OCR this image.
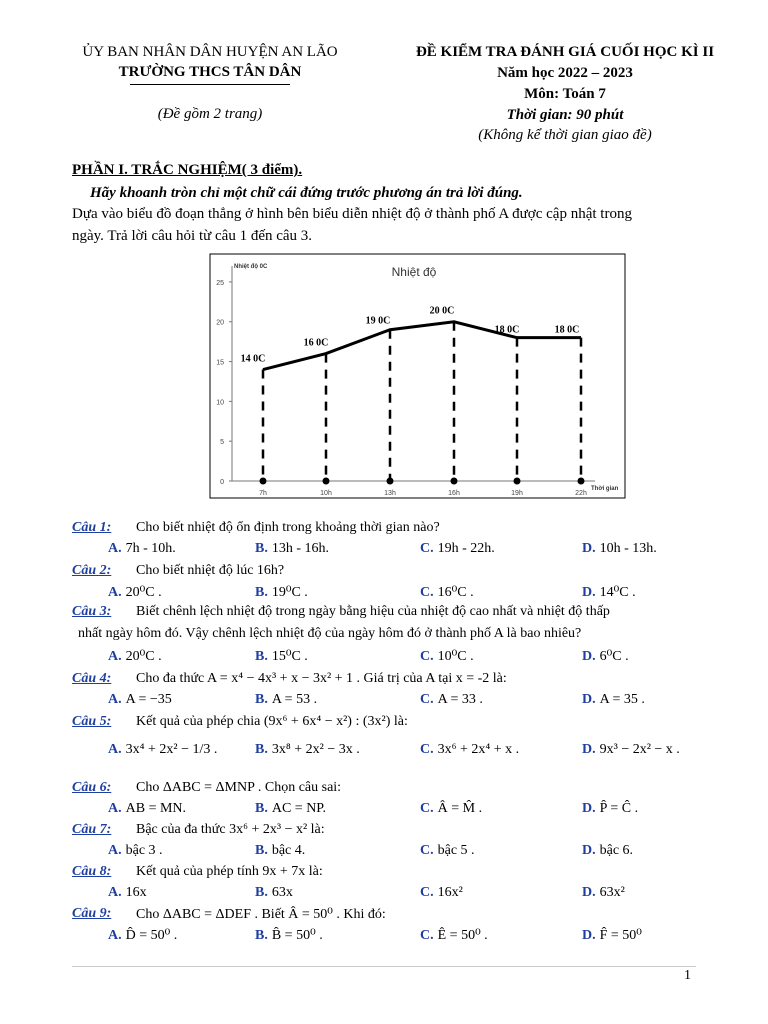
ỦY BAN NHÂN DÂN HUYỆN AN LÃO
TRƯỜNG THCS TÂN DÂN
(Đề gồm 2 trang)
ĐỀ KIỂM TRA ĐÁNH GIÁ CUỐI HỌC KÌ II
Năm học 2022 – 2023
Môn: Toán 7
Thời gian: 90 phút
(Không kể thời gian giao đề)
PHẦN I. TRẮC NGHIỆM( 3 điểm).
Hãy khoanh tròn chỉ một chữ cái đứng trước phương án trả lời đúng.
Dựa vào biểu đồ đoạn thẳng ở hình bên biểu diễn nhiệt độ ở thành phố A được cập nhật trong
ngày. Trả lời câu hỏi từ câu 1 đến câu 3.
0
5
10
15
20
25
Nhiệt độ 0C
Thời gian
Nhiệt độ
7h	10h	13h	16h	19h	22h
14 0C
16 0C
19 0C
20 0C
18 0C	18 0C
Câu 1: Cho biết nhiệt độ ổn định trong khoảng thời gian nào?
A. 7h - 10h.	B. 13h - 16h.	C. 19h - 22h.	D. 10h - 13h.
Câu 2: Cho biết nhiệt độ lúc 16h?
A. 20⁰C .	B. 19⁰C .	C. 16⁰C .	D. 14⁰C .
Câu 3: Biết chênh lệch nhiệt độ trong ngày bằng hiệu của nhiệt độ cao nhất và nhiệt độ thấp
nhất ngày hôm đó. Vậy chênh lệch nhiệt độ của ngày hôm đó ở thành phố A là bao nhiêu?
A. 20⁰C .	B. 15⁰C .	C. 10⁰C .	D. 6⁰C .
Câu 4: Cho đa thức A = x⁴ − 4x³ + x − 3x² + 1 . Giá trị của A tại x = -2 là:
A. A = −35	B. A = 53 .	C. A = 33 .	D. A = 35 .
Câu 5: Kết quả của phép chia (9x⁶ + 6x⁴ − x²) : (3x²) là:
A. 3x⁴ + 2x² − 1/3 .	B. 3x⁸ + 2x² − 3x .	C. 3x⁶ + 2x⁴ + x .	D. 9x³ − 2x² − x .
Câu 6: Cho ΔABC = ΔMNP . Chọn câu sai:
A. AB = MN.	B. AC = NP.	C. Â = M̂ .	D. P̂ = Ĉ .
Câu 7: Bậc của đa thức 3x⁶ + 2x³ − x² là:
A. bậc 3 .	B. bậc 4.	C. bậc 5 .	D. bậc 6.
Câu 8: Kết quả của phép tính 9x + 7x là:
A. 16x	B. 63x	C. 16x²	D. 63x²
Câu 9: Cho ΔABC = ΔDEF . Biết Â = 50⁰ . Khi đó:
A. D̂ = 50⁰ .	B. B̂ = 50⁰ .	C. Ê = 50⁰ .	D. F̂ = 50⁰
1
